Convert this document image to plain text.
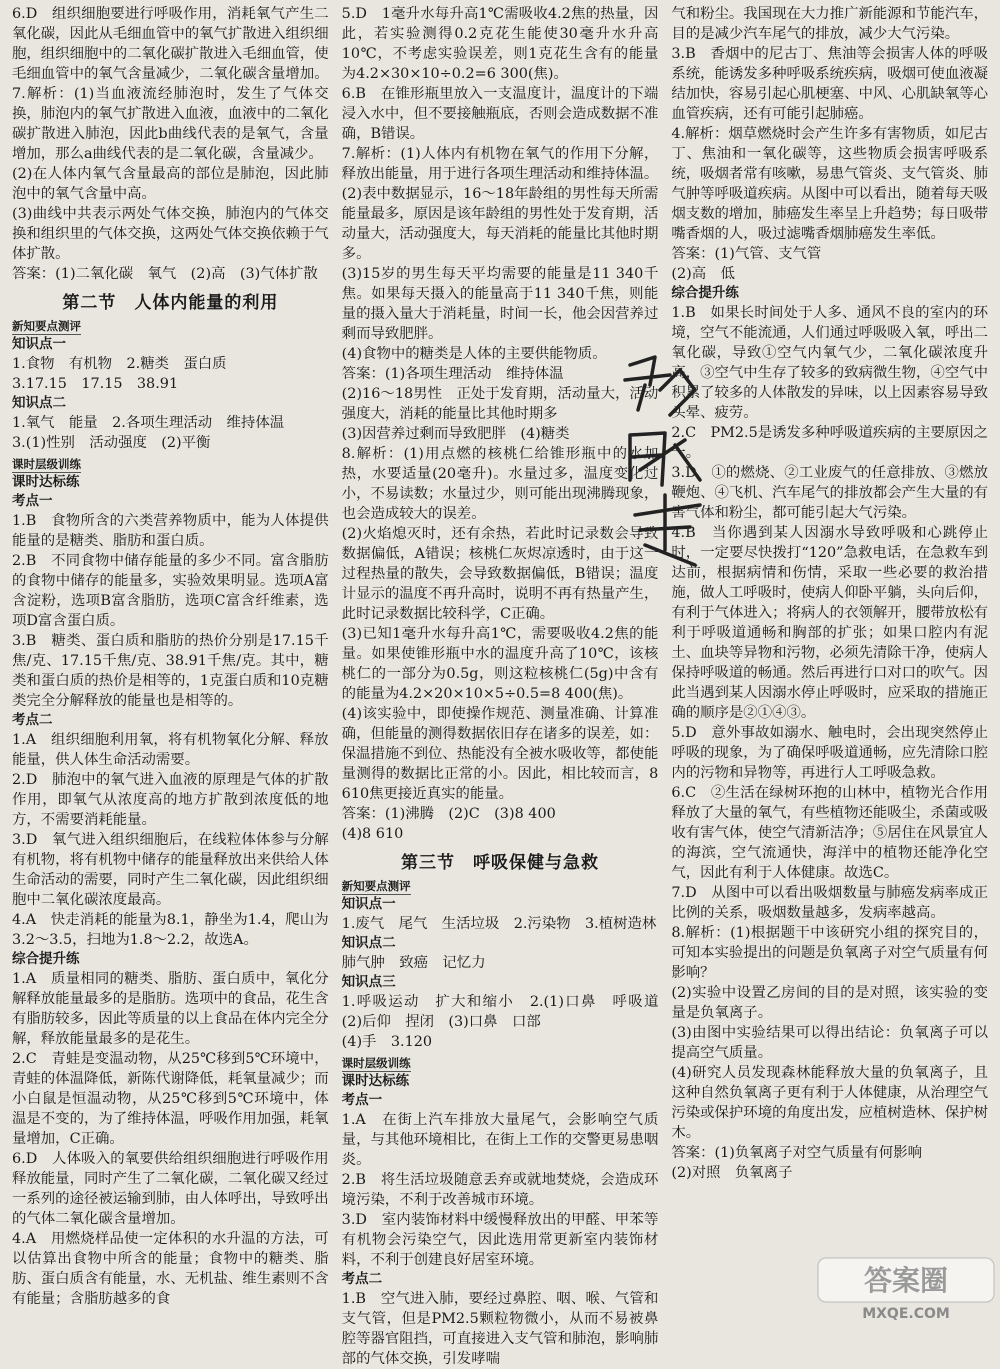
6.D　组织细胞要进行呼吸作用，消耗氧气产生二氧化碳，因此从毛细血管中的氧气扩散进入组织细胞，组织细胞中的二氧化碳扩散进入毛细血管，使毛细血管中的氧气含量减少，二氧化碳含量增加。

7.解析：(1)当血液流经肺泡时，发生了气体交换，肺泡内的氧气扩散进入血液，血液中的二氧化碳扩散进入肺泡，因此b曲线代表的是氧气，含量增加，那么a曲线代表的是二氧化碳，含量减少。

(2)在人体内氧气含量最高的部位是肺泡，因此肺泡中的氧气含量中高。

(3)曲线中共表示两处气体交换，肺泡内的气体交换和组织里的气体交换，这两处气体交换依赖于气体扩散。

答案：(1)二氧化碳　氧气　(2)高　(3)气体扩散

第二节　人体内能量的利用
新知要点测评
知识点一

1.食物　有机物　2.糖类　蛋白质

3.17.15　17.15　38.91

知识点二

1.氧气　能量　2.各项生理活动　维持体温

3.(1)性别　活动强度　(2)平衡

课时层级训练
课时达标练
考点一

1.B　食物所含的六类营养物质中，能为人体提供能量的是糖类、脂肪和蛋白质。

2.B　不同食物中储存能量的多少不同。富含脂肪的食物中储存的能量多，实验效果明显。选项A富含淀粉，选项B富含脂肪，选项C富含纤维素，选项D富含蛋白质。

3.B　糖类、蛋白质和脂肪的热价分别是17.15千焦/克、17.15千焦/克、38.91千焦/克。其中，糖类和蛋白质的热价是相等的，1克蛋白质和10克糖类完全分解释放的能量也是相等的。

考点二

1.A　组织细胞利用氧，将有机物氧化分解、释放能量，供人体生命活动需要。

2.D　肺泡中的氧气进入血液的原理是气体的扩散作用，即氧气从浓度高的地方扩散到浓度低的地方，不需要消耗能量。

3.D　氧气进入组织细胞后，在线粒体体参与分解有机物，将有机物中储存的能量释放出来供给人体生命活动的需要，同时产生二氧化碳，因此组织细胞中二氧化碳浓度最高。

4.A　快走消耗的能量为8.1，静坐为1.4，爬山为3.2～3.5，扫地为1.8～2.2，故选A。

综合提升练

1.A　质量相同的糖类、脂肪、蛋白质中，氧化分解释放能量最多的是脂肪。选项中的食品，花生含有脂肪较多，因此等质量的以上食品在体内完全分解，释放能量最多的是花生。

2.C　青蛙是变温动物，从25℃移到5℃环境中，青蛙的体温降低，新陈代谢降低，耗氧量减少；而小白鼠是恒温动物，从25℃移到5℃环境中，体温是不变的，为了维持体温，呼吸作用加强，耗氧量增加，C正确。

6.D　人体吸入的氧要供给组织细胞进行呼吸作用释放能量，同时产生了二氧化碳，二氧化碳又经过一系列的途径被运输到肺，由人体呼出，导致呼出的气体二氧化碳含量增加。

4.A　用燃烧样品使一定体积的水升温的方法，可以估算出食物中所含的能量；食物中的糖类、脂肪、蛋白质含有能量，水、无机盐、维生素则不含有能量；含脂肪越多的食

5.D　1毫升水每升高1℃需吸收4.2焦的热量，因此，若实验测得0.2克花生能使30毫升水升高10℃，不考虑实验误差，则1克花生含有的能量为4.2×30×10÷0.2=6 300(焦)。

6.B　在锥形瓶里放入一支温度计，温度计的下端浸入水中，但不要接触瓶底，否则会造成数据不准确，B错误。

7.解析：(1)人体内有机物在氧气的作用下分解，释放出能量，用于进行各项生理活动和维持体温。

(2)表中数据显示，16～18年龄组的男性每天所需能量最多，原因是该年龄组的男性处于发育期，活动量大，活动强度大，每天消耗的能量比其他时期多。

(3)15岁的男生每天平均需要的能量是11 340千焦。如果每天摄入的能量高于11 340千焦，则能量的摄入量大于消耗量，时间一长，他会因营养过剩而导致肥胖。

(4)食物中的糖类是人体的主要供能物质。

答案：(1)各项生理活动　维持体温

(2)16～18男性　正处于发育期，活动量大，活动强度大，消耗的能量比其他时期多

(3)因营养过剩而导致肥胖　(4)糖类

8.解析：(1)用点燃的核桃仁给锥形瓶中的水加热，水要适量(20毫升)。水量过多，温度变化过小，不易读数；水量过少，则可能出现沸腾现象，也会造成较大的误差。

(2)火焰熄灭时，还有余热，若此时记录数会导致数据偏低，A错误；核桃仁灰烬凉透时，由于这一过程热量的散失，会导致数据偏低，B错误；温度计显示的温度不再升高时，说明不再有热量产生，此时记录数据比较科学，C正确。

(3)已知1毫升水每升高1℃，需要吸收4.2焦的能量。如果使锥形瓶中水的温度升高了10℃，该核桃仁的一部分为0.5g，则这粒核桃仁(5g)中含有的能量为4.2×20×10×5÷0.5=8 400(焦)。

(4)该实验中，即使操作规范、测量准确、计算准确，但能量的测得数据依旧存在诸多的误差，如：保温措施不到位、热能没有全被水吸收等，都使能量测得的数据比正常的小。因此，相比较而言，8 610焦更接近真实的能量。

答案：(1)沸腾　(2)C　(3)8 400

(4)8 610

第三节　呼吸保健与急救
新知要点测评
知识点一

1.废气　尾气　生活垃圾　2.污染物　3.植树造林

知识点二

肺气肿　致癌　记忆力

知识点三

1.呼吸运动　扩大和缩小　2.(1)口鼻　呼吸道　(2)后仰　捏闭　(3)口鼻　口部

(4)手　3.120

课时层级训练
课时达标练
考点一

1.A　在街上汽车排放大量尾气，会影响空气质量，与其他环境相比，在街上工作的交警更易患咽炎。

2.B　将生活垃圾随意丢弃或就地焚烧，会造成环境污染，不利于改善城市环境。

3.D　室内装饰材料中缓慢释放出的甲醛、甲苯等有机物会污染空气，因此选用常更新室内装饰材料，不利于创建良好居室环境。

考点二

1.B　空气进入肺，要经过鼻腔、咽、喉、气管和支气管，但是PM2.5颗粒物微小，从而不易被鼻腔等器官阻挡，可直接进入支气管和肺泡，影响肺部的气体交换，引发哮喘

气和粉尘。我国现在大力推广新能源和节能汽车，目的是减少汽车尾气的排放，减少大气污染。

3.B　香烟中的尼古丁、焦油等会损害人体的呼吸系统，能诱发多种呼吸系统疾病，吸烟可使血液凝结加快，容易引起心肌梗塞、中风、心肌缺氧等心血管疾病，还有可能引起肺癌。

4.解析：烟草燃烧时会产生许多有害物质，如尼古丁、焦油和一氧化碳等，这些物质会损害呼吸系统，吸烟者常有咳嗽，易患气管炎、支气管炎、肺气肿等呼吸道疾病。从图中可以看出，随着每天吸烟支数的增加，肺癌发生率呈上升趋势；每日吸带嘴香烟的人，吸过滤嘴香烟肺癌发生率低。

答案：(1)气管、支气管

(2)高　低

综合提升练

1.B　如果长时间处于人多、通风不良的室内的环境，空气不能流通，人们通过呼吸吸入氧，呼出二氧化碳，导致①空气内氧气少，二氧化碳浓度升高，③空气中生存了较多的致病微生物，④空气中积累了较多的人体散发的异味，以上因素容易导致头晕、疲劳。

2.C　PM2.5是诱发多种呼吸道疾病的主要原因之一。

3.D　①的燃烧、②工业废气的任意排放、③燃放鞭炮、④飞机、汽车尾气的排放都会产生大量的有害气体和粉尘，都可能引起大气污染。

4.B　当你遇到某人因溺水导致呼吸和心跳停止时，一定要尽快拨打“120”急救电话，在急救车到达前，根据病情和伤情，采取一些必要的救治措施，做人工呼吸时，使病人仰卧平躺，头向后仰，有利于气体进入；将病人的衣领解开，腰带放松有利于呼吸道通畅和胸部的扩张；如果口腔内有泥土、血块等异物和污物，必须先清除干净，使病人保持呼吸道的畅通。然后再进行口对口的吹气。因此当遇到某人因溺水停止呼吸时，应采取的措施正确的顺序是②①④③。

5.D　意外事故如溺水、触电时，会出现突然停止呼吸的现象，为了确保呼吸道通畅，应先清除口腔内的污物和异物等，再进行人工呼吸急救。

6.C　②生活在绿树环抱的山林中，植物光合作用释放了大量的氧气，有些植物还能吸尘，杀菌或吸收有害气体，使空气清新洁净；⑤居住在风景宜人的海滨，空气流通快，海洋中的植物还能净化空气，因此有利于人体健康。故选C。

7.D　从图中可以看出吸烟数量与肺癌发病率成正比例的关系，吸烟数量越多，发病率越高。

8.解析：(1)根据题干中该研究小组的探究目的，可知本实验提出的问题是负氧离子对空气质量有何影响？

(2)实验中设置乙房间的目的是对照，该实验的变量是负氧离子。

(3)由图中实验结果可以得出结论：负氧离子可以提高空气质量。

(4)研究人员发现森林能释放大量的负氧离子，且这种自然负氧离子更有利于人体健康，从治理空气污染或保护环境的角度出发，应植树造林、保护树木。

答案：(1)负氧离子对空气质量有何影响

(2)对照　负氧离子

答案圈
MXQE.COM
